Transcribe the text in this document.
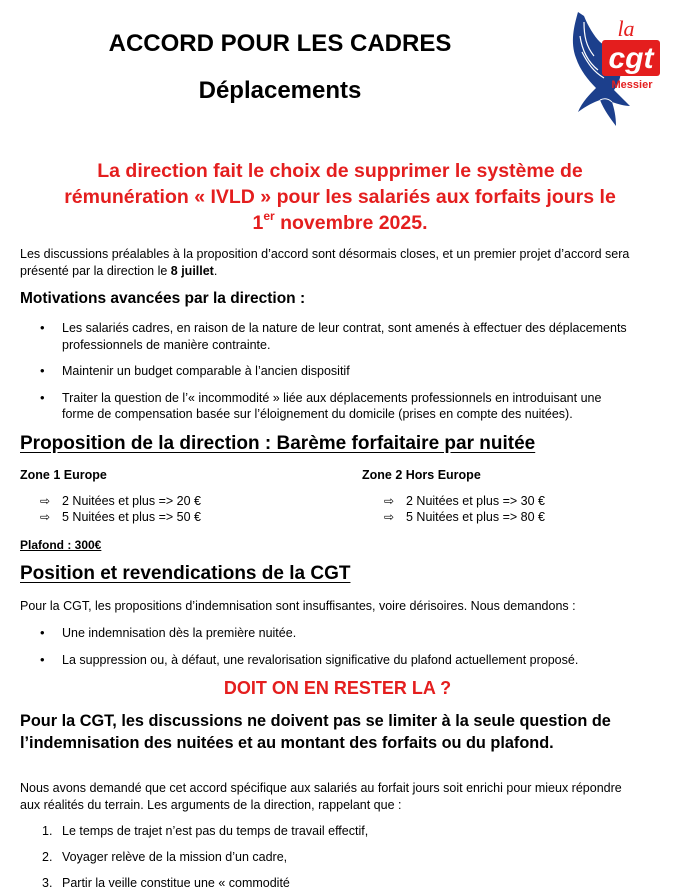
ACCORD POUR LES CADRES
Déplacements
cgt
la
Messier
La direction fait le choix de supprimer le système de
rémunération « IVLD » pour les salariés aux forfaits jours le
1er novembre 2025.
Les discussions préalables à la proposition d’accord sont désormais closes, et un premier projet d’accord sera
présenté par la direction le 8 juillet.
Motivations avancées par la direction :
• Les salariés cadres, en raison de la nature de leur contrat, sont amenés à effectuer des déplacements
professionnels de manière contrainte.
• Maintenir un budget comparable à l’ancien dispositif
• Traiter la question de l’« incommodité » liée aux déplacements professionnels en introduisant une
forme de compensation basée sur l’éloignement du domicile (prises en compte des nuitées).
Proposition de la direction : Barème forfaitaire par nuitée
Zone 1 Europe
⇨ 2 Nuitées et plus => 20 €
⇨ 5 Nuitées et plus => 50 €
Zone 2 Hors Europe
⇨ 2 Nuitées et plus => 30 €
⇨ 5 Nuitées et plus => 80 €
Plafond : 300€
Position et revendications de la CGT
Pour la CGT, les propositions d’indemnisation sont insuffisantes, voire dérisoires. Nous demandons :
• Une indemnisation dès la première nuitée.
• La suppression ou, à défaut, une revalorisation significative du plafond actuellement proposé.
DOIT ON EN RESTER LA ?
Pour la CGT, les discussions ne doivent pas se limiter à la seule question de
l’indemnisation des nuitées et au montant des forfaits ou du plafond.
Nous avons demandé que cet accord spécifique aux salariés au forfait jours soit enrichi pour mieux répondre
aux réalités du terrain. Les arguments de la direction, rappelant que :
1. Le temps de trajet n’est pas du temps de travail effectif,
2. Voyager relève de la mission d’un cadre,
3. Partir la veille constitue une « commodité
